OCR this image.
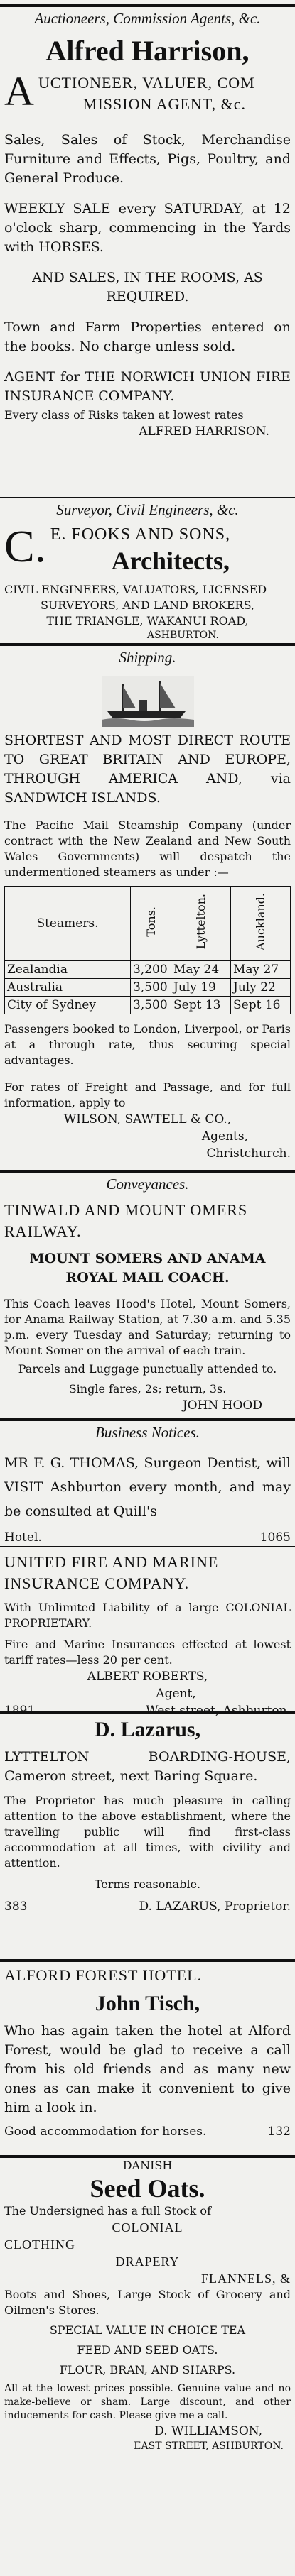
Auctioneers, Commission Agents, &c.

Alfred Harrison,

A UCTIONEER, VALUER, COM

MISSION AGENT, &c.

Sales, Sales of Stock, Merchandise Furniture and Effects, Pigs, Poultry, and General Produce.

WEEKLY SALE every SATURDAY, at 12 o'clock sharp, commencing in the Yards with HORSES.

AND SALES, IN THE ROOMS, AS REQUIRED.

Town and Farm Properties entered on the books. No charge unless sold.

AGENT for THE NORWICH UNION FIRE INSURANCE COMPANY.

Every class of Risks taken at lowest rates

ALFRED HARRISON.

Surveyor, Civil Engineers, &c.
C. E. FOOKS AND SONS,

Architects,

CIVIL ENGINEERS, VALUATORS, LICENSED

SURVEYORS, AND LAND BROKERS,

THE TRIANGLE, WAKANUI ROAD,

ASHBURTON.

Shipping.

SHORTEST AND MOST DIRECT ROUTE TO GREAT BRITAIN AND EUROPE, THROUGH AMERICA AND, via SANDWICH ISLANDS.

The Pacific Mail Steamship Company (under contract with the New Zealand and New South Wales Governments) will despatch the undermentioned steamers as under :—

Steamers.	Tons.	Lyttelton.	Auckland.
Zealandia	3,200	May 24	May 27
Australia	3,500	July 19	July 22
City of Sydney	3,500	Sept 13	Sept 16

Passengers booked to London, Liverpool, or Paris at a through rate, thus securing special advantages.

For rates of Freight and Passage, and for full information, apply to

WILSON, SAWTELL & CO.,

Agents,

Christchurch.

Conveyances.

TINWALD AND MOUNT OMERS RAILWAY.

MOUNT SOMERS AND ANAMA ROYAL MAIL COACH.

This Coach leaves Hood's Hotel, Mount Somers, for Anama Railway Station, at 7.30 a.m. and 5.35 p.m. every Tuesday and Saturday; returning to Mount Somer on the arrival of each train.

Parcels and Luggage punctually attended to.

Single fares, 2s; return, 3s.

JOHN HOOD

Business Notices.

MR F. G. THOMAS, Surgeon Dentist, will VISIT Ashburton every month, and may be consulted at Quill's

Hotel.	1065

UNITED FIRE AND MARINE INSURANCE COMPANY.

With Unlimited Liability of a large COLONIAL PROPRIETARY.

Fire and Marine Insurances effected at lowest tariff rates—less 20 per cent.

ALBERT ROBERTS,

Agent,

1891	West street, Ashburton.

D. Lazarus,

LYTTELTON BOARDING-HOUSE, Cameron street, next Baring Square.

The Proprietor has much pleasure in calling attention to the above establishment, where the travelling public will find first-class accommodation at all times, with civility and attention.

Terms reasonable.

383	D. LAZARUS, Proprietor.

ALFORD FOREST HOTEL.

John Tisch,

Who has again taken the hotel at Alford Forest, would be glad to receive a call from his old friends and as many new ones as can make it convenient to give him a look in.

Good accommodation for horses.	132

DANISH

Seed Oats.

The Undersigned has a full Stock of

COLONIAL

CLOTHING

DRAPERY

FLANNELS, &

Boots and Shoes, Large Stock of Grocery and Oilmen's Stores.

SPECIAL VALUE IN CHOICE TEA

FEED AND SEED OATS.

FLOUR, BRAN, AND SHARPS.

All at the lowest prices possible. Genuine value and no make-believe or sham. Large discount, and other inducements for cash. Please give me a call.

D. WILLIAMSON,

EAST STREET, ASHBURTON.
